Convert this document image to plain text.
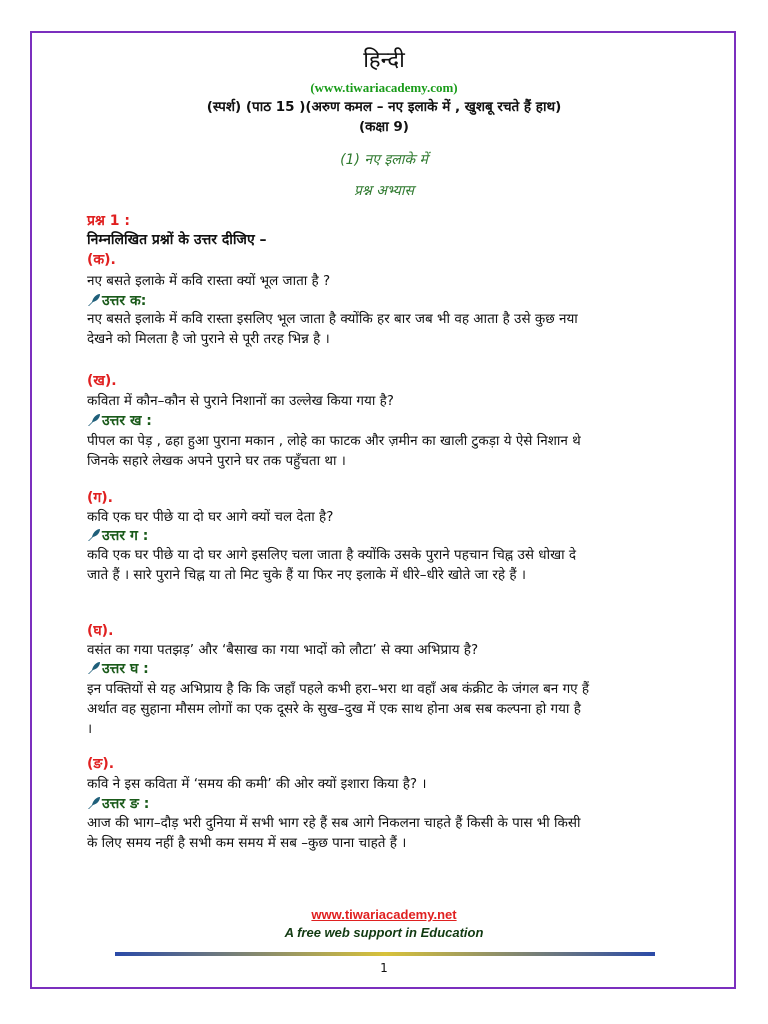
हिन्दी
(www.tiwariacademy.com)
(स्पर्श) (पाठ 15 )(अरुण कमल – नए इलाके में , खुशबू रचते हैं हाथ)
(कक्षा 9)
(1) नए इलाके में
प्रश्न अभ्यास
प्रश्न 1 :
निम्नलिखित प्रश्नों के उत्तर दीजिए –
(क).
नए बसते इलाके में कवि रास्ता क्यों भूल जाता है ?
उत्तर क:
नए बसते इलाके में कवि रास्ता इसलिए भूल जाता है क्योंकि हर बार जब भी वह आता है उसे कुछ नया
देखने को मिलता है जो पुराने से पूरी तरह भिन्न है ।
(ख).
कविता में कौन–कौन से पुराने निशानों का उल्लेख किया गया है?
उत्तर ख :
पीपल का पेड़ , ढहा हुआ पुराना मकान , लोहे का फाटक और ज़मीन का खाली टुकड़ा ये ऐसे निशान थे
जिनके सहारे लेखक अपने पुराने घर तक पहुँचता था ।
(ग).
कवि एक घर पीछे या दो घर आगे क्यों चल देता है?
उत्तर ग :
कवि एक घर पीछे या दो घर आगे इसलिए चला जाता है क्योंकि उसके पुराने पहचान चिह्न उसे धोखा दे
जाते हैं । सारे पुराने चिह्न या तो मिट चुके हैं या फिर नए इलाके में धीरे–धीरे खोते जा रहे हैं ।
(घ).
वसंत का गया पतझड़’ और ‘बैसाख का गया भादों को लौटा’ से क्या अभिप्राय है?
उत्तर घ :
इन पक्तियों से यह अभिप्राय है कि कि जहाँ पहले कभी हरा–भरा था वहाँ अब कंक्रीट के जंगल बन गए हैं
अर्थात वह सुहाना मौसम लोगों का एक दूसरे के सुख–दुख में एक साथ होना अब सब कल्पना हो गया है
।
(ङ).
कवि ने इस कविता में ‘समय की कमी’ की ओर क्यों इशारा किया है? ।
उत्तर ङ :
आज की भाग–दौड़ भरी दुनिया में सभी भाग रहे हैं सब आगे निकलना चाहते हैं किसी के पास भी किसी
के लिए समय नहीं है सभी कम समय में सब –कुछ पाना चाहते हैं ।
www.tiwariacademy.net
A free web support in Education
1
